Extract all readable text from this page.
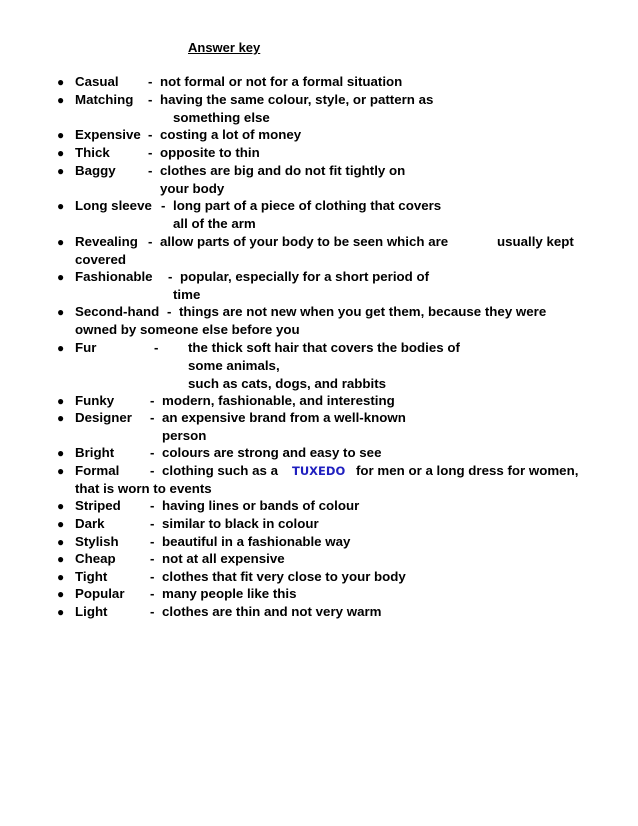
Answer key
● Casual - not formal or not for a formal situation
● Matching - having the same colour, style, or pattern as
something else
● Expensive - costing a lot of money
● Thick	- opposite to thin
● Baggy - clothes are big and do not fit tightly on
your body
● Long sleeve - long part of a piece of clothing that covers
all of the arm
● Revealing - allow parts of your body to be seen which are	usually kept
covered
● Fashionable - popular, especially for a short period of
time
● Second-hand - things are not new when you get them, because they were
owned by someone else before you
● Fur	- the thick soft hair that covers the bodies of
some animals,
such as cats, dogs, and rabbits
● Funky	- modern, fashionable, and interesting
● Designer - an expensive brand from a well-known
person
● Bright	- colours are strong and easy to see
● Formal - clothing such as a TUXEDO for men or a long dress for women,
that is worn to events
● Striped - having lines or bands of colour
● Dark	- similar to black in colour
● Stylish - beautiful in a fashionable way
● Cheap	- not at all expensive
● Tight	- clothes that fit very close to your body
● Popular - many people like this
● Light	- clothes are thin and not very warm
